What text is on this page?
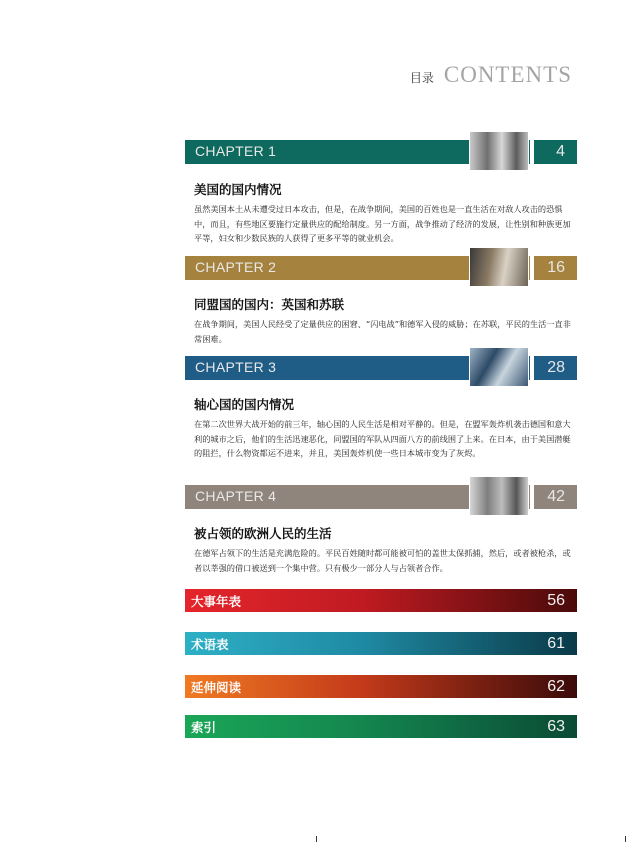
目录 CONTENTS
CHAPTER 1	4

美国的国内情况

虽然美国本土从未遭受过日本攻击，但是，在战争期间，美国的百姓也是一直生活在对敌人攻击的恐惧中，而且，有些地区要施行定量供应的配给制度。另一方面，战争推动了经济的发展，让性别和种族更加平等，妇女和少数民族的人获得了更多平等的就业机会。

CHAPTER 2	16

同盟国的国内：英国和苏联

在战争期间，美国人民经受了定量供应的困窘、“闪电战”和德军入侵的威胁；在苏联，平民的生活一直非常困难。

CHAPTER 3	28

轴心国的国内情况

在第二次世界大战开始的前三年，轴心国的人民生活是相对平静的。但是，在盟军轰炸机袭击德国和意大利的城市之后，他们的生活迅速恶化，同盟国的军队从四面八方的前线围了上来。在日本，由于美国潜艇的阻拦，什么物资都运不进来，并且，美国轰炸机使一些日本城市变为了灰烬。

CHAPTER 4	42

被占领的欧洲人民的生活

在德军占领下的生活是充满危险的。平民百姓随时都可能被可怕的盖世太保抓捕，然后，或者被枪杀，或者以莘强的借口被送到一个集中营。只有极少一部分人与占领者合作。

大事年表	56
术语表	61
延伸阅读	62
索引	63
